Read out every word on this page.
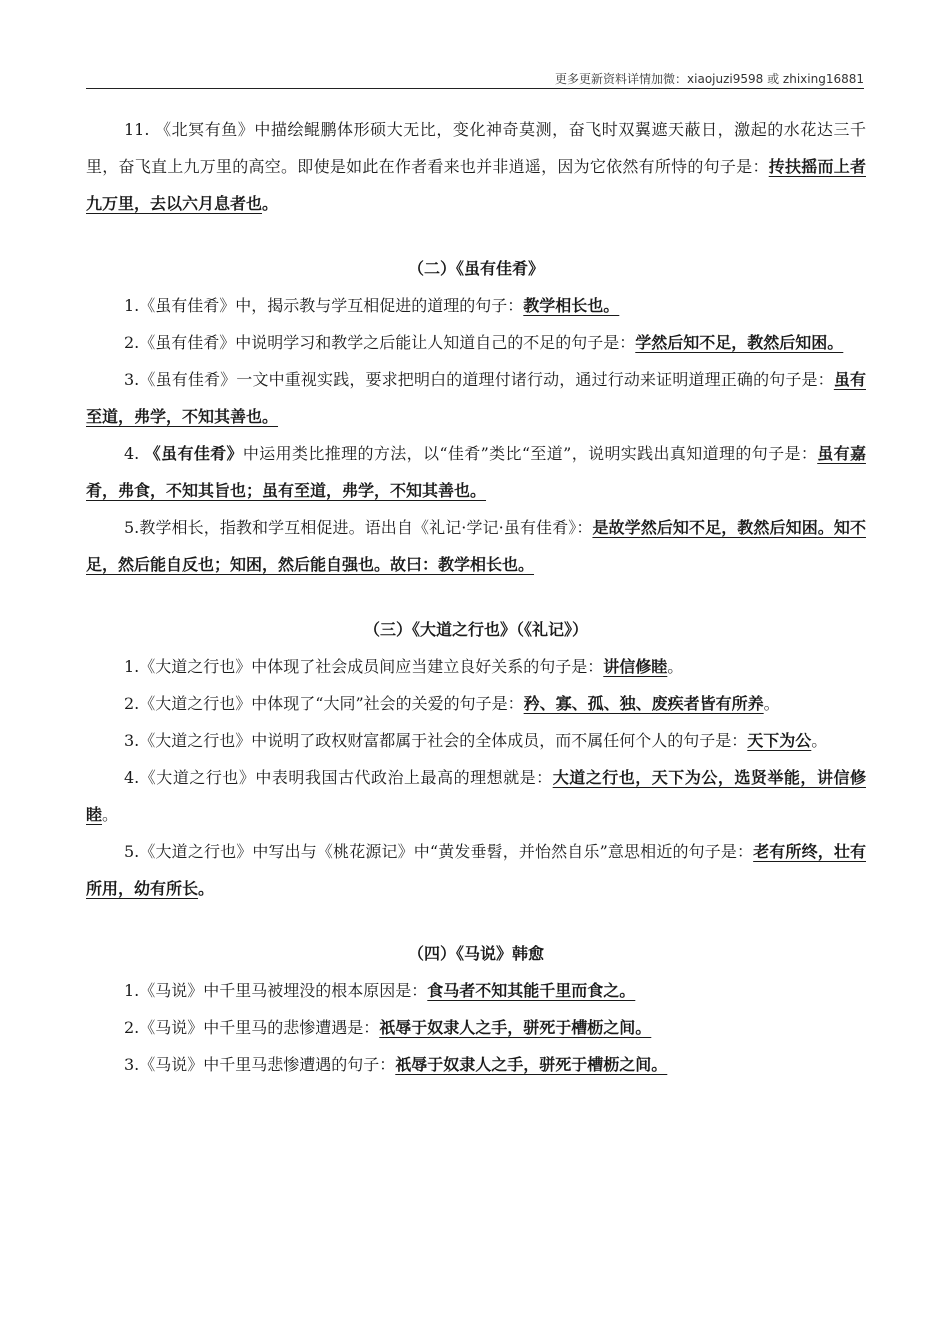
更多更新资料详情加微：xiaojuzi9598 或 zhixing16881

11. 《北冥有鱼》中描绘鲲鹏体形硕大无比，变化神奇莫测，奋飞时双翼遮天蔽日，激起的水花达三千里，奋飞直上九万里的高空。即使是如此在作者看来也并非逍遥，因为它依然有所恃的句子是：抟扶摇而上者九万里，去以六月息者也。

（二）《虽有佳肴》

1.《虽有佳肴》中，揭示教与学互相促进的道理的句子：教学相长也。

2.《虽有佳肴》中说明学习和教学之后能让人知道自己的不足的句子是：学然后知不足，教然后知困。

3.《虽有佳肴》一文中重视实践，要求把明白的道理付诸行动，通过行动来证明道理正确的句子是：虽有至道，弗学，不知其善也。

4. 《虽有佳肴》中运用类比推理的方法，以“佳肴”类比“至道”，说明实践出真知道理的句子是：虽有嘉肴，弗食，不知其旨也；虽有至道，弗学，不知其善也。

5.教学相长，指教和学互相促进。语出自《礼记·学记·虽有佳肴》：是故学然后知不足，教然后知困。知不足，然后能自反也；知困，然后能自强也。故曰：教学相长也。

（三）《大道之行也》（《礼记》）

1.《大道之行也》中体现了社会成员间应当建立良好关系的句子是：讲信修睦。

2.《大道之行也》中体现了“大同”社会的关爱的句子是：矜、寡、孤、独、废疾者皆有所养。

3.《大道之行也》中说明了政权财富都属于社会的全体成员，而不属任何个人的句子是：天下为公。

4.《大道之行也》中表明我国古代政治上最高的理想就是：大道之行也，天下为公，选贤举能，讲信修睦。

5.《大道之行也》中写出与《桃花源记》中“黄发垂髫，并怡然自乐”意思相近的句子是：老有所终，壮有所用，幼有所长。

（四）《马说》韩愈

1.《马说》中千里马被埋没的根本原因是：食马者不知其能千里而食之。

2.《马说》中千里马的悲惨遭遇是：祇辱于奴隶人之手，骈死于槽枥之间。

3.《马说》中千里马悲惨遭遇的句子：祇辱于奴隶人之手，骈死于槽枥之间。
